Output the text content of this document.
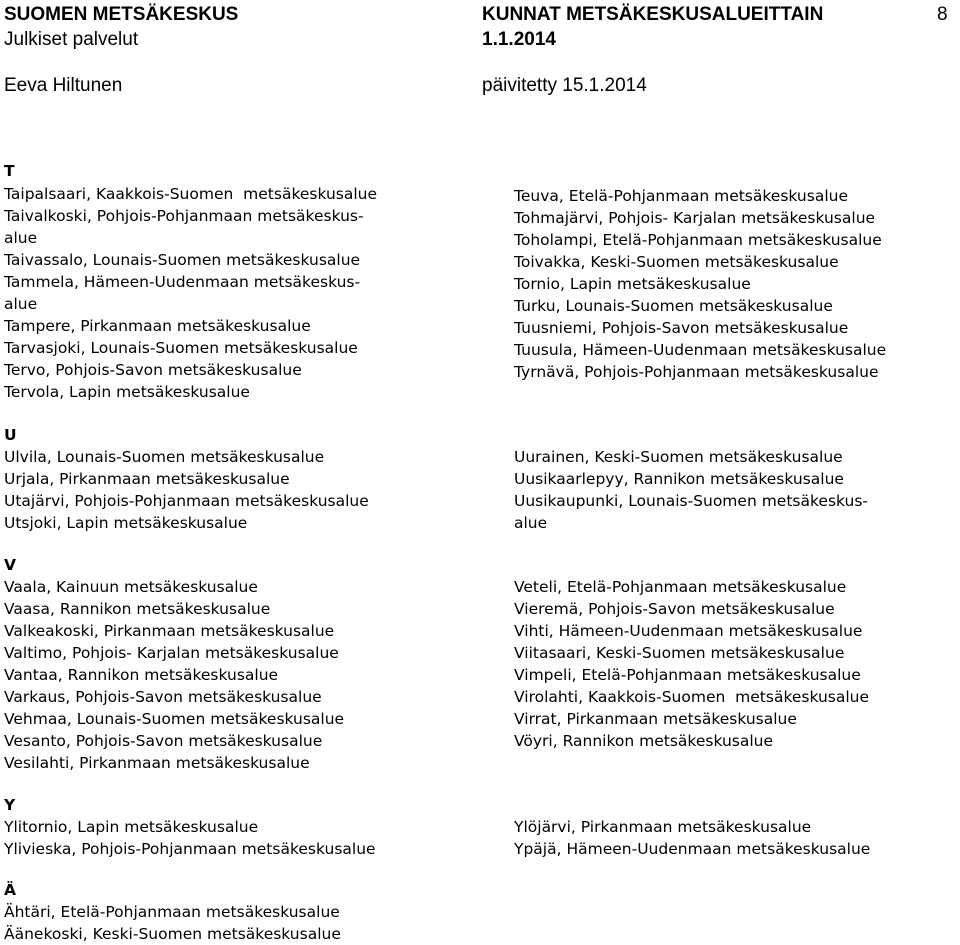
SUOMEN METSÄKESKUS
Julkiset palvelut
Eeva Hiltunen
KUNNAT METSÄKESKUSALUEITTAIN
1.1.2014
päivitetty 15.1.2014
8
T
Taipalsaari, Kaakkois-Suomen  metsäkeskusalue
Taivalkoski, Pohjois-Pohjanmaan metsäkeskus-
alue
Taivassalo, Lounais-Suomen metsäkeskusalue
Tammela, Hämeen-Uudenmaan metsäkeskus-
alue
Tampere, Pirkanmaan metsäkeskusalue
Tarvasjoki, Lounais-Suomen metsäkeskusalue
Tervo, Pohjois-Savon metsäkeskusalue
Tervola, Lapin metsäkeskusalue
Teuva, Etelä-Pohjanmaan metsäkeskusalue
Tohmajärvi, Pohjois- Karjalan metsäkeskusalue
Toholampi, Etelä-Pohjanmaan metsäkeskusalue
Toivakka, Keski-Suomen metsäkeskusalue
Tornio, Lapin metsäkeskusalue
Turku, Lounais-Suomen metsäkeskusalue
Tuusniemi, Pohjois-Savon metsäkeskusalue
Tuusula, Hämeen-Uudenmaan metsäkeskusalue
Tyrnävä, Pohjois-Pohjanmaan metsäkeskusalue
U
Ulvila, Lounais-Suomen metsäkeskusalue
Urjala, Pirkanmaan metsäkeskusalue
Utajärvi, Pohjois-Pohjanmaan metsäkeskusalue
Utsjoki, Lapin metsäkeskusalue
Uurainen, Keski-Suomen metsäkeskusalue
Uusikaarlepyy, Rannikon metsäkeskusalue
Uusikaupunki, Lounais-Suomen metsäkeskus-
alue
V
Vaala, Kainuun metsäkeskusalue
Vaasa, Rannikon metsäkeskusalue
Valkeakoski, Pirkanmaan metsäkeskusalue
Valtimo, Pohjois- Karjalan metsäkeskusalue
Vantaa, Rannikon metsäkeskusalue
Varkaus, Pohjois-Savon metsäkeskusalue
Vehmaa, Lounais-Suomen metsäkeskusalue
Vesanto, Pohjois-Savon metsäkeskusalue
Vesilahti, Pirkanmaan metsäkeskusalue
Veteli, Etelä-Pohjanmaan metsäkeskusalue
Vieremä, Pohjois-Savon metsäkeskusalue
Vihti, Hämeen-Uudenmaan metsäkeskusalue
Viitasaari, Keski-Suomen metsäkeskusalue
Vimpeli, Etelä-Pohjanmaan metsäkeskusalue
Virolahti, Kaakkois-Suomen  metsäkeskusalue
Virrat, Pirkanmaan metsäkeskusalue
Vöyri, Rannikon metsäkeskusalue
Y
Ylitornio, Lapin metsäkeskusalue
Ylivieska, Pohjois-Pohjanmaan metsäkeskusalue
Ylöjärvi, Pirkanmaan metsäkeskusalue
Ypäjä, Hämeen-Uudenmaan metsäkeskusalue
Ä
Ähtäri, Etelä-Pohjanmaan metsäkeskusalue
Äänekoski, Keski-Suomen metsäkeskusalue
